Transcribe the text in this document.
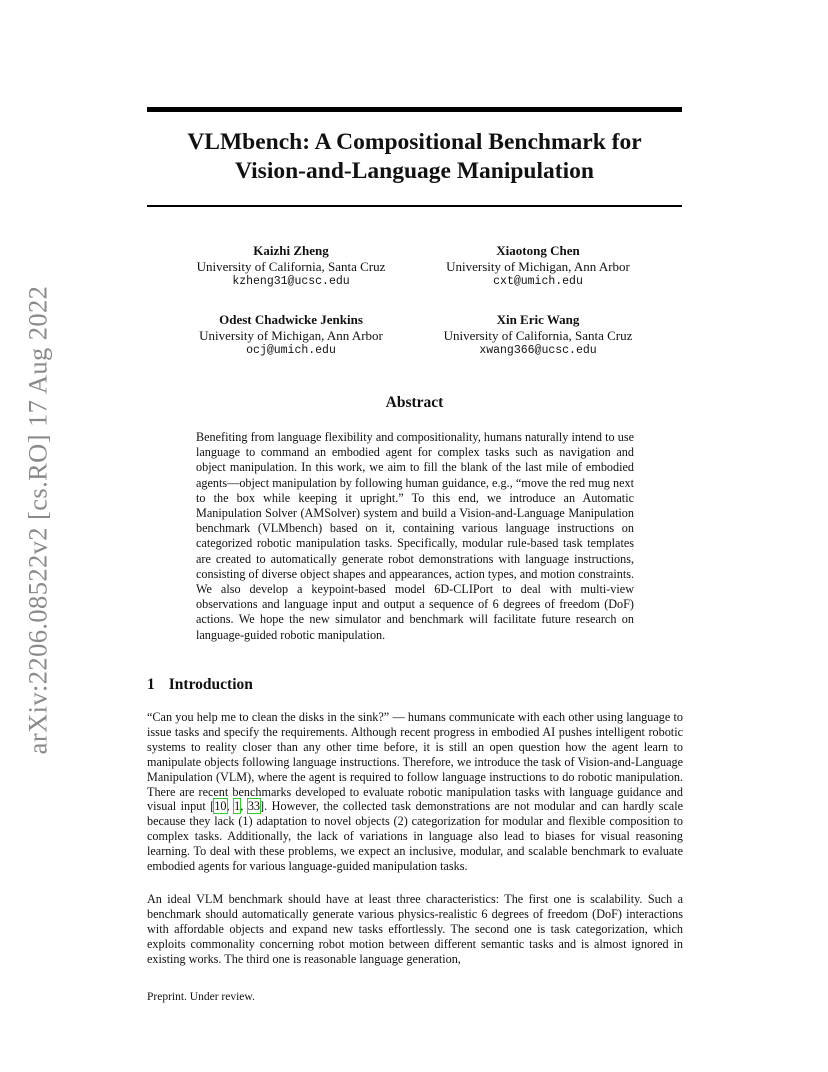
arXiv:2206.08522v2 [cs.RO] 17 Aug 2022
VLMbench: A Compositional Benchmark for
Vision-and-Language Manipulation
Kaizhi Zheng
University of California, Santa Cruz
kzheng31@ucsc.edu
Xiaotong Chen
University of Michigan, Ann Arbor
cxt@umich.edu
Odest Chadwicke Jenkins
University of Michigan, Ann Arbor
ocj@umich.edu
Xin Eric Wang
University of California, Santa Cruz
xwang366@ucsc.edu
Abstract
Benefiting from language flexibility and compositionality, humans naturally intend to use language to command an embodied agent for complex tasks such as navigation and object manipulation. In this work, we aim to fill the blank of the last mile of embodied agents—object manipulation by following human guidance, e.g., “move the red mug next to the box while keeping it upright.” To this end, we introduce an Automatic Manipulation Solver (AMSolver) system and build a Vision-and-Language Manipulation benchmark (VLMbench) based on it, containing various language instructions on categorized robotic manipulation tasks. Specifically, modular rule-based task templates are created to automatically generate robot demonstrations with language instructions, consisting of diverse object shapes and appearances, action types, and motion constraints. We also develop a keypoint-based model 6D-CLIPort to deal with multi-view observations and language input and output a sequence of 6 degrees of freedom (DoF) actions. We hope the new simulator and benchmark will facilitate future research on language-guided robotic manipulation.
1 Introduction
“Can you help me to clean the disks in the sink?” — humans communicate with each other using language to issue tasks and specify the requirements. Although recent progress in embodied AI pushes intelligent robotic systems to reality closer than any other time before, it is still an open question how the agent learn to manipulate objects following language instructions. Therefore, we introduce the task of Vision-and-Language Manipulation (VLM), where the agent is required to follow language instructions to do robotic manipulation. There are recent benchmarks developed to evaluate robotic manipulation tasks with language guidance and visual input [10, 1, 33]. However, the collected task demonstrations are not modular and can hardly scale because they lack (1) adaptation to novel objects (2) categorization for modular and flexible composition to complex tasks. Additionally, the lack of variations in language also lead to biases for visual reasoning learning. To deal with these problems, we expect an inclusive, modular, and scalable benchmark to evaluate embodied agents for various language-guided manipulation tasks.
An ideal VLM benchmark should have at least three characteristics: The first one is scalability. Such a benchmark should automatically generate various physics-realistic 6 degrees of freedom (DoF) interactions with affordable objects and expand new tasks effortlessly. The second one is task categorization, which exploits commonality concerning robot motion between different semantic tasks and is almost ignored in existing works. The third one is reasonable language generation,
Preprint. Under review.
